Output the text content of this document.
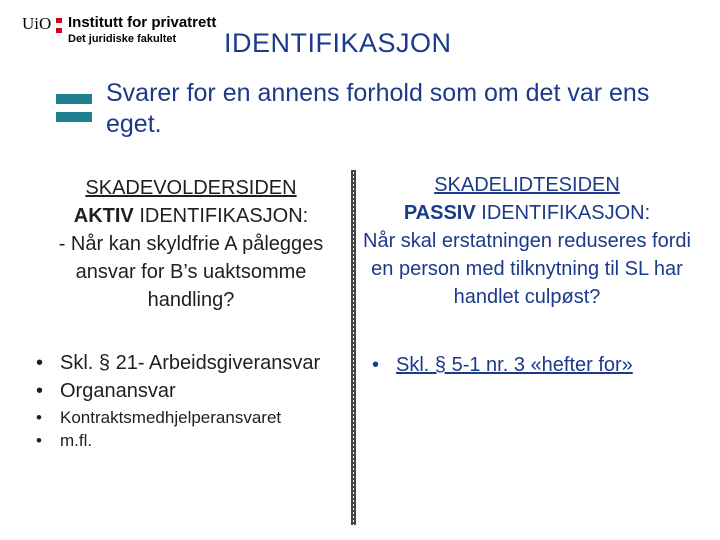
UiO Institutt for privatrett
Det juridiske fakultet IDENTIFIKASJON
Svarer for en annens forhold som om det var ens eget.
SKADEVOLDERSIDEN
AKTIV IDENTIFIKASJON:
- Når kan skyldfrie A pålegges ansvar for B’s uaktsomme handling?
SKADELIDTESIDEN
PASSIV IDENTIFIKASJON:
Når skal erstatningen reduseres fordi en person med tilknytning til SL har handlet culpøst?
• Skl. § 21- Arbeidsgiveransvar
• Organansvar
• Kontraktsmedhjelperansvaret
• m.fl.
• Skl. § 5-1 nr. 3 «hefter for»
